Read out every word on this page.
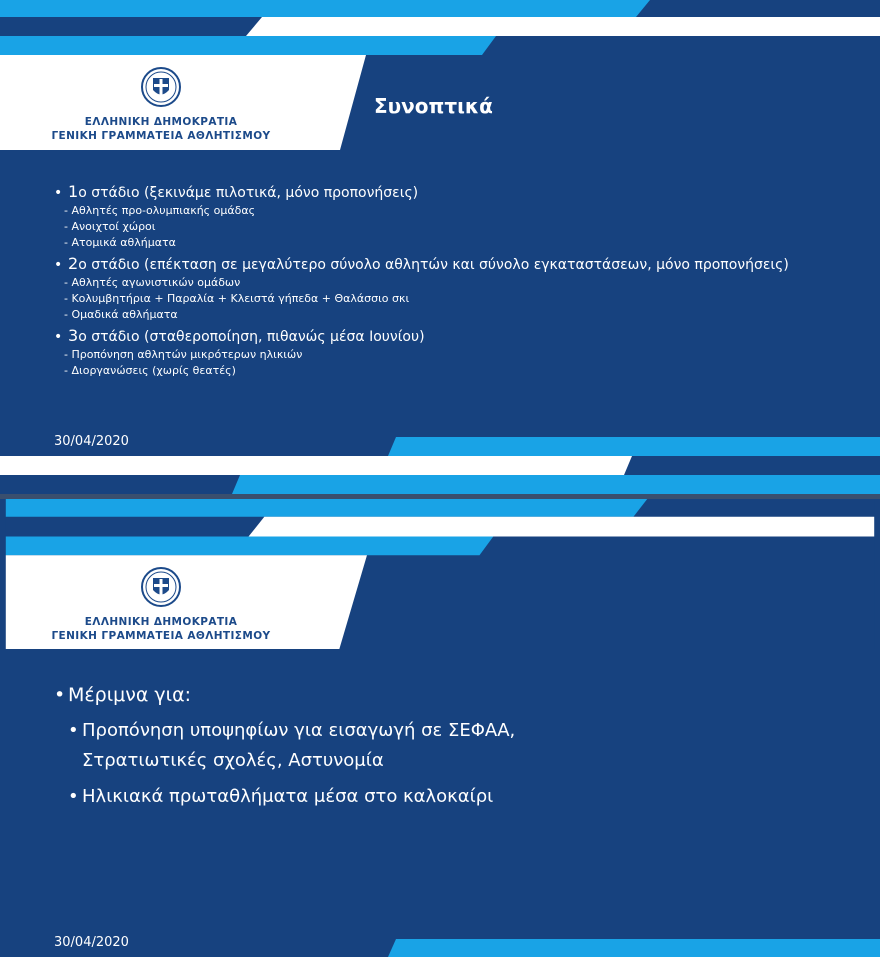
ΕΛΛΗΝΙΚΗ ΔΗΜΟΚΡΑΤΙΑ
ΓΕΝΙΚΗ ΓΡΑΜΜΑΤΕΙΑ ΑΘΛΗΤΙΣΜΟΥ
Συνοπτικά
• 1ο στάδιο (ξεκινάμε πιλοτικά, μόνο προπονήσεις)
- Αθλητές προ-ολυμπιακής ομάδας
- Ανοιχτοί χώροι
- Ατομικά αθλήματα
• 2ο στάδιο (επέκταση σε μεγαλύτερο σύνολο αθλητών και σύνολο εγκαταστάσεων, μόνο προπονήσεις)
- Αθλητές αγωνιστικών ομάδων
- Κολυμβητήρια + Παραλία + Κλειστά γήπεδα + Θαλάσσιο σκι
- Ομαδικά αθλήματα
• 3ο στάδιο (σταθεροποίηση, πιθανώς μέσα Ιουνίου)
- Προπόνηση αθλητών μικρότερων ηλικιών
- Διοργανώσεις (χωρίς θεατές)
30/04/2020
ΕΛΛΗΝΙΚΗ ΔΗΜΟΚΡΑΤΙΑ
ΓΕΝΙΚΗ ΓΡΑΜΜΑΤΕΙΑ ΑΘΛΗΤΙΣΜΟΥ
30/04/2020
• Μέριμνα για:
• Προπόνηση υποψηφίων για εισαγωγή σε ΣΕΦΑΑ,
Στρατιωτικές σχολές, Αστυνομία
• Ηλικιακά πρωταθλήματα μέσα στο καλοκαίρι
